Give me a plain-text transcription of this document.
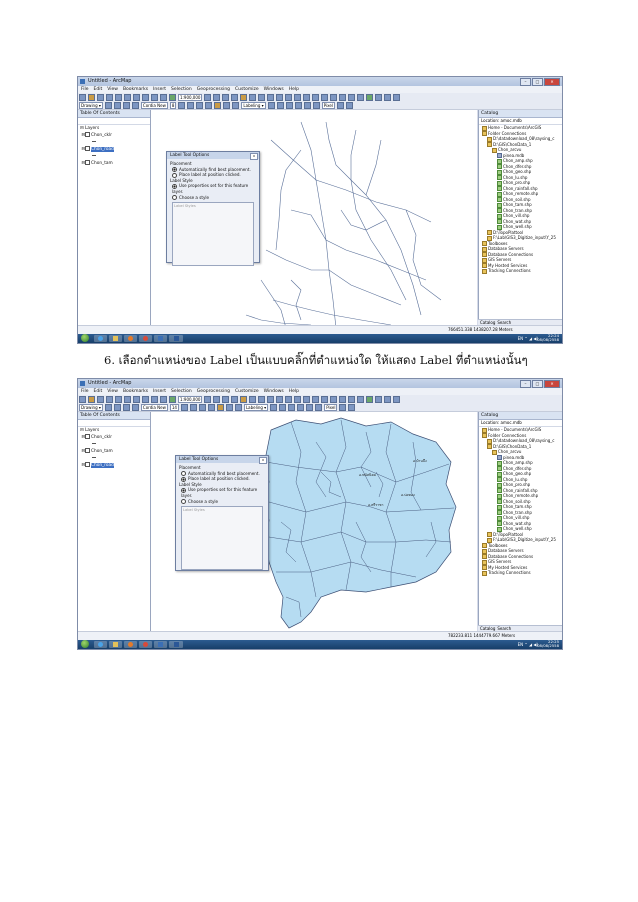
Untitled - ArcMap	–	□	✕
File Edit View Bookmarks Insert Selection Geoprocessing Customize Windows Help
1:900,000
Drawing ▾	Cordia New 8	Labeling ▾	Pixel
Table Of Contents
⊟ Layers
⊟ Chon_cklr
⊟ Chon_road
⊟ Chon_tam
Label Tool Options	x
Placement
Automatically find best placement.
Place label at position clicked.
Label Style
Use properties set for this feature layer.
Choose a style
Label Styles
Catalog
Location: amoc.mdb
Home - Documents\ArcGIS
Folder Connections
D:\datadownload_08\raysing_c
D:\GIS\ChonData_1
Chon_arcvu
pinea.mdb
Chon_amp.shp
Chon_dfer.shp
Chon_geo.shp
Chon_lu.shp
Chon_pro.shp
Chon_rainfall.shp
Chon_remote.shp
Chon_soil.shp
Chon_tam.shp
Chon_tran.shp
Chon_vill.shp
Chon_wat.shp
Chon_well.shp
D:\TopoPlattool
F:\Lab\GIS3_Digitize_input\Y_25
Toolboxes
Database Servers
Database Connections
GIS Servers
My Hosted Services
Tracking Connections
Catalog Search
766451.338 1438207.28 Meters
EN ⌃ ◢ ◀)
22:24
08/08/2558
6. เลือกตำแหน่งของ Label เป็นแบบคลิ๊กที่ตำแหน่งใด ให้แสดง Label ที่ตำแหน่งนั้นๆ
Untitled - ArcMap	–	□	✕
File Edit View Bookmarks Insert Selection Geoprocessing Customize Windows Help
1:900,000
Drawing ▾	Cordia New 14	Labeling ▾	Pixel
Table Of Contents
⊟ Layers
⊟ Chon_cklr
⊟ Chon_tam
⊟ Chon_road
อ.บ้านบึง
อ.พนัสนิคม
อ.บ่อทอง
อ.ศรีราชา
Label Tool Options	x
Placement
Automatically find best placement.
Place label at position clicked.
Label Style
Use properties set for this feature layer.
Choose a style
Label Styles
Catalog
Location: amoc.mdb
Home - Documents\ArcGIS
Folder Connections
D:\datadownload_08\raysing_c
D:\GIS\ChonData_1
Chon_arcvu
pinea.mdb
Chon_amp.shp
Chon_dfer.shp
Chon_geo.shp
Chon_lu.shp
Chon_pro.shp
Chon_rainfall.shp
Chon_remote.shp
Chon_soil.shp
Chon_tam.shp
Chon_tran.shp
Chon_vill.shp
Chon_wat.shp
Chon_well.shp
D:\TopoPlattool
F:\Lab\GIS3_Digitize_input\Y_25
Toolboxes
Database Servers
Database Connections
GIS Servers
My Hosted Services
Tracking Connections
Catalog Search
782233.811 1444779.667 Meters
EN ⌃ ◢ ◀)
22:25
08/08/2558
